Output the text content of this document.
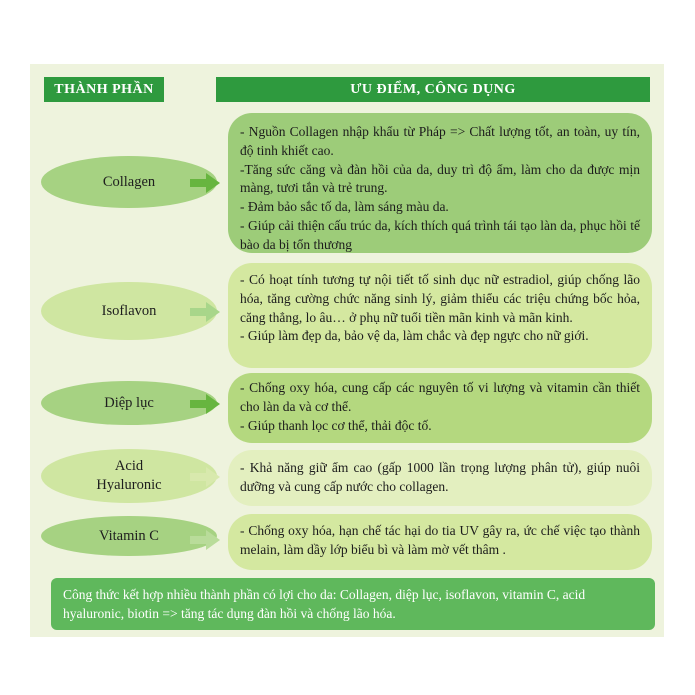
THÀNH PHẦN	ƯU ĐIỂM, CÔNG DỤNG
Collagen

- Nguồn Collagen nhập khẩu từ Pháp => Chất lượng tốt, an toàn, uy tín, độ tinh khiết cao.

-Tăng sức căng và đàn hồi của da, duy trì độ ẩm, làm cho da được mịn màng, tươi tắn và trẻ trung.

- Đảm bảo sắc tố da, làm sáng màu da.

- Giúp cải thiện cấu trúc da, kích thích quá trình tái tạo làn da, phục hồi tế bào da bị tổn thương

Isoflavon

- Có hoạt tính tương tự nội tiết tố sinh dục nữ estradiol, giúp chống lão hóa, tăng cường chức năng sinh lý, giảm thiểu các triệu chứng bốc hỏa, căng thẳng, lo âu… ở phụ nữ tuổi tiền mãn kinh và mãn kinh.

- Giúp làm đẹp da, bảo vệ da, làm chắc và đẹp ngực cho nữ giới.

Diệp lục

- Chống oxy hóa, cung cấp các nguyên tố vi lượng và vitamin cần thiết cho làn da và cơ thể.

- Giúp thanh lọc cơ thể, thải độc tố.

Acid
Hyaluronic

- Khả năng giữ ẩm cao (gấp 1000 lần trọng lượng phân tử), giúp nuôi dưỡng và cung cấp nước cho collagen.

Vitamin C	- Chống oxy hóa, hạn chế tác hại do tia UV gây ra, ức chế việc tạo thành melain, làm dầy lớp biểu bì và làm mờ vết thâm .

Công thức kết hợp nhiều thành phần có lợi cho da: Collagen, diệp lục, isoflavon, vitamin C, acid hyaluronic, biotin => tăng tác dụng đàn hồi và chống lão hóa.
